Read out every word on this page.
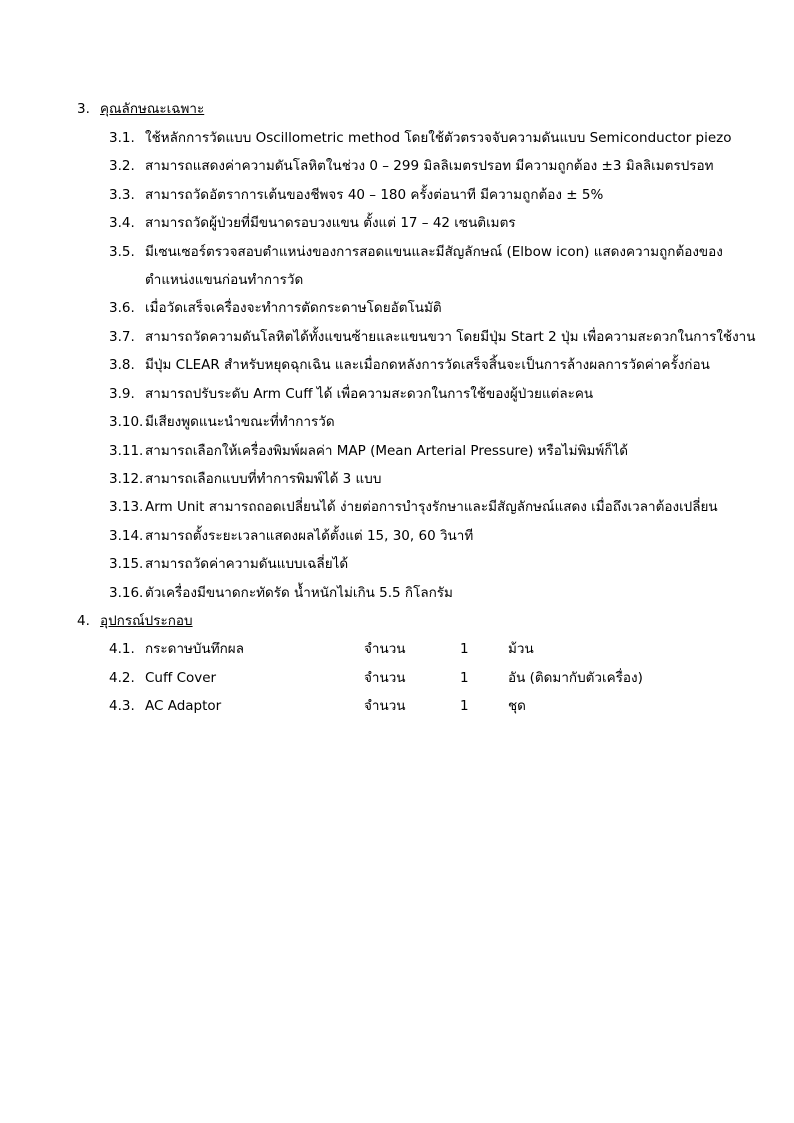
3. คุณลักษณะเฉพาะ
3.1. ใช้หลักการวัดแบบ Oscillometric method โดยใช้ตัวตรวจจับความดันแบบ Semiconductor piezo
3.2. สามารถแสดงค่าความดันโลหิตในช่วง 0 – 299 มิลลิเมตรปรอท มีความถูกต้อง ±3 มิลลิเมตรปรอท
3.3. สามารถวัดอัตราการเต้นของชีพจร 40 – 180 ครั้งต่อนาที มีความถูกต้อง ± 5%
3.4. สามารถวัดผู้ป่วยที่มีขนาดรอบวงแขน ตั้งแต่ 17 – 42 เซนติเมตร
3.5. มีเซนเซอร์ตรวจสอบตำแหน่งของการสอดแขนและมีสัญลักษณ์ (Elbow icon) แสดงความถูกต้องของ
ตำแหน่งแขนก่อนทำการวัด
3.6. เมื่อวัดเสร็จเครื่องจะทำการตัดกระดาษโดยอัตโนมัติ
3.7. สามารถวัดความดันโลหิตได้ทั้งแขนซ้ายและแขนขวา โดยมีปุ่ม Start 2 ปุ่ม เพื่อความสะดวกในการใช้งาน
3.8. มีปุ่ม CLEAR สำหรับหยุดฉุกเฉิน และเมื่อกดหลังการวัดเสร็จสิ้นจะเป็นการล้างผลการวัดค่าครั้งก่อน
3.9. สามารถปรับระดับ Arm Cuff ได้ เพื่อความสะดวกในการใช้ของผู้ป่วยแต่ละคน
3.10. มีเสียงพูดแนะนำขณะที่ทำการวัด
3.11. สามารถเลือกให้เครื่องพิมพ์ผลค่า MAP (Mean Arterial Pressure) หรือไม่พิมพ์ก็ได้
3.12. สามารถเลือกแบบที่ทำการพิมพ์ได้ 3 แบบ
3.13. Arm Unit สามารถถอดเปลี่ยนได้ ง่ายต่อการบำรุงรักษาและมีสัญลักษณ์แสดง เมื่อถึงเวลาต้องเปลี่ยน
3.14. สามารถตั้งระยะเวลาแสดงผลได้ตั้งแต่ 15, 30, 60 วินาที
3.15. สามารถวัดค่าความดันแบบเฉลี่ยได้
3.16. ตัวเครื่องมีขนาดกะทัดรัด น้ำหนักไม่เกิน 5.5 กิโลกรัม
4. อุปกรณ์ประกอบ
4.1. กระดาษบันทึกผล	จำนวน	1	ม้วน
4.2. Cuff Cover	จำนวน	1	อัน (ติดมากับตัวเครื่อง)
4.3. AC Adaptor	จำนวน	1	ชุด
